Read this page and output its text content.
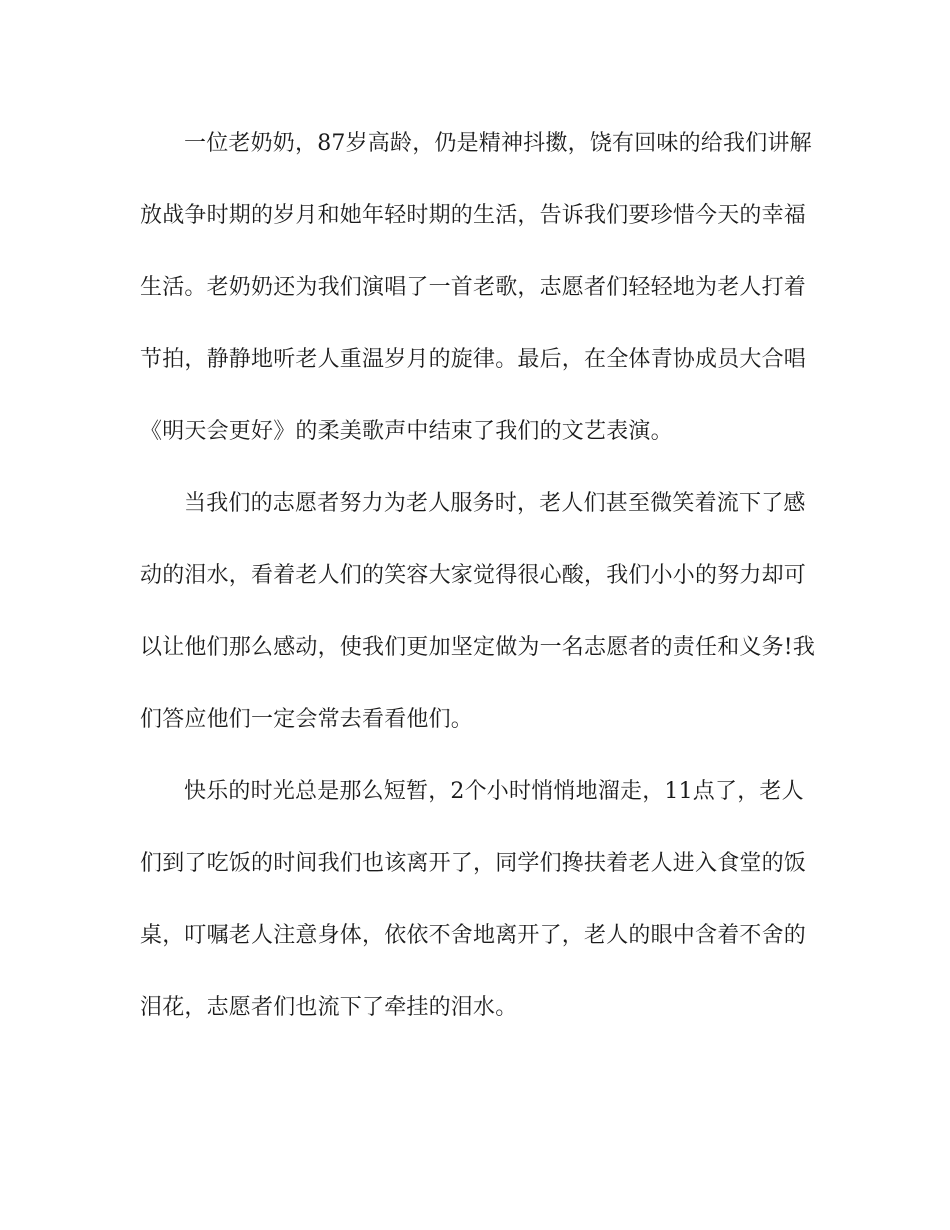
一位老奶奶，87岁高龄，仍是精神抖擞，饶有回味的给我们讲解
放战争时期的岁月和她年轻时期的生活，告诉我们要珍惜今天的幸福
生活。老奶奶还为我们演唱了一首老歌，志愿者们轻轻地为老人打着
节拍，静静地听老人重温岁月的旋律。最后，在全体青协成员大合唱
《明天会更好》的柔美歌声中结束了我们的文艺表演。
当我们的志愿者努力为老人服务时，老人们甚至微笑着流下了感
动的泪水，看着老人们的笑容大家觉得很心酸，我们小小的努力却可
以让他们那么感动，使我们更加坚定做为一名志愿者的责任和义务!我
们答应他们一定会常去看看他们。
快乐的时光总是那么短暂，2个小时悄悄地溜走，11点了，老人
们到了吃饭的时间我们也该离开了，同学们搀扶着老人进入食堂的饭
桌，叮嘱老人注意身体，依依不舍地离开了，老人的眼中含着不舍的
泪花，志愿者们也流下了牵挂的泪水。
